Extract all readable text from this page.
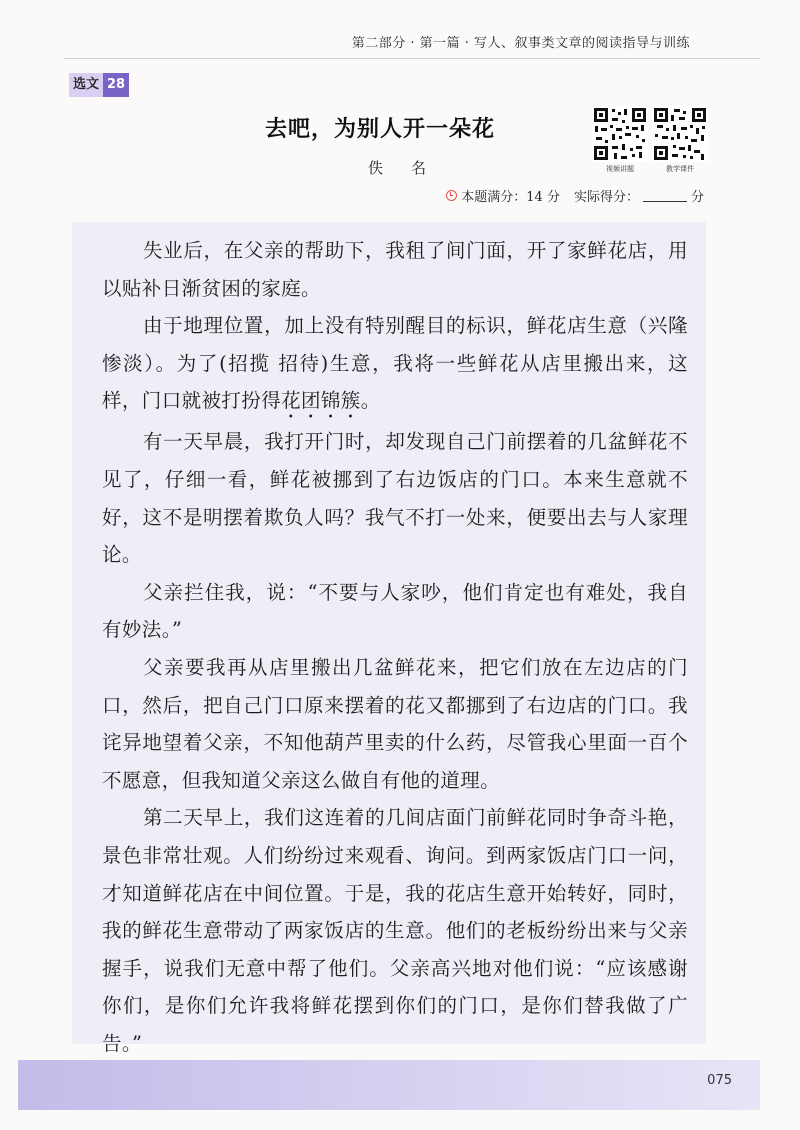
第二部分 · 第一篇 · 写人、叙事类文章的阅读指导与训练
选文 28
去吧，为别人开一朵花
佚名	视频讲题	教学课件
本题满分：14 分 实际得分：	分

失业后，在父亲的帮助下，我租了间门面，开了家鲜花店，用以贴补日渐贫困的家庭。

由于地理位置，加上没有特别醒目的标识，鲜花店生意（兴隆 惨淡）。为了(招揽 招待)生意，我将一些鲜花从店里搬出来，这样，门口就被打扮得花团锦簇。

有一天早晨，我打开门时，却发现自己门前摆着的几盆鲜花不见了，仔细一看，鲜花被挪到了右边饭店的门口。本来生意就不好，这不是明摆着欺负人吗？我气不打一处来，便要出去与人家理论。

父亲拦住我，说：“不要与人家吵，他们肯定也有难处，我自有妙法。”

父亲要我再从店里搬出几盆鲜花来，把它们放在左边店的门口，然后，把自己门口原来摆着的花又都挪到了右边店的门口。我诧异地望着父亲，不知他葫芦里卖的什么药，尽管我心里面一百个不愿意，但我知道父亲这么做自有他的道理。

第二天早上，我们这连着的几间店面门前鲜花同时争奇斗艳，景色非常壮观。人们纷纷过来观看、询问。到两家饭店门口一问，才知道鲜花店在中间位置。于是，我的花店生意开始转好，同时，我的鲜花生意带动了两家饭店的生意。他们的老板纷纷出来与父亲握手，说我们无意中帮了他们。父亲高兴地对他们说：“应该感谢你们，是你们允许我将鲜花摆到你们的门口，是你们替我做了广告。”

075
